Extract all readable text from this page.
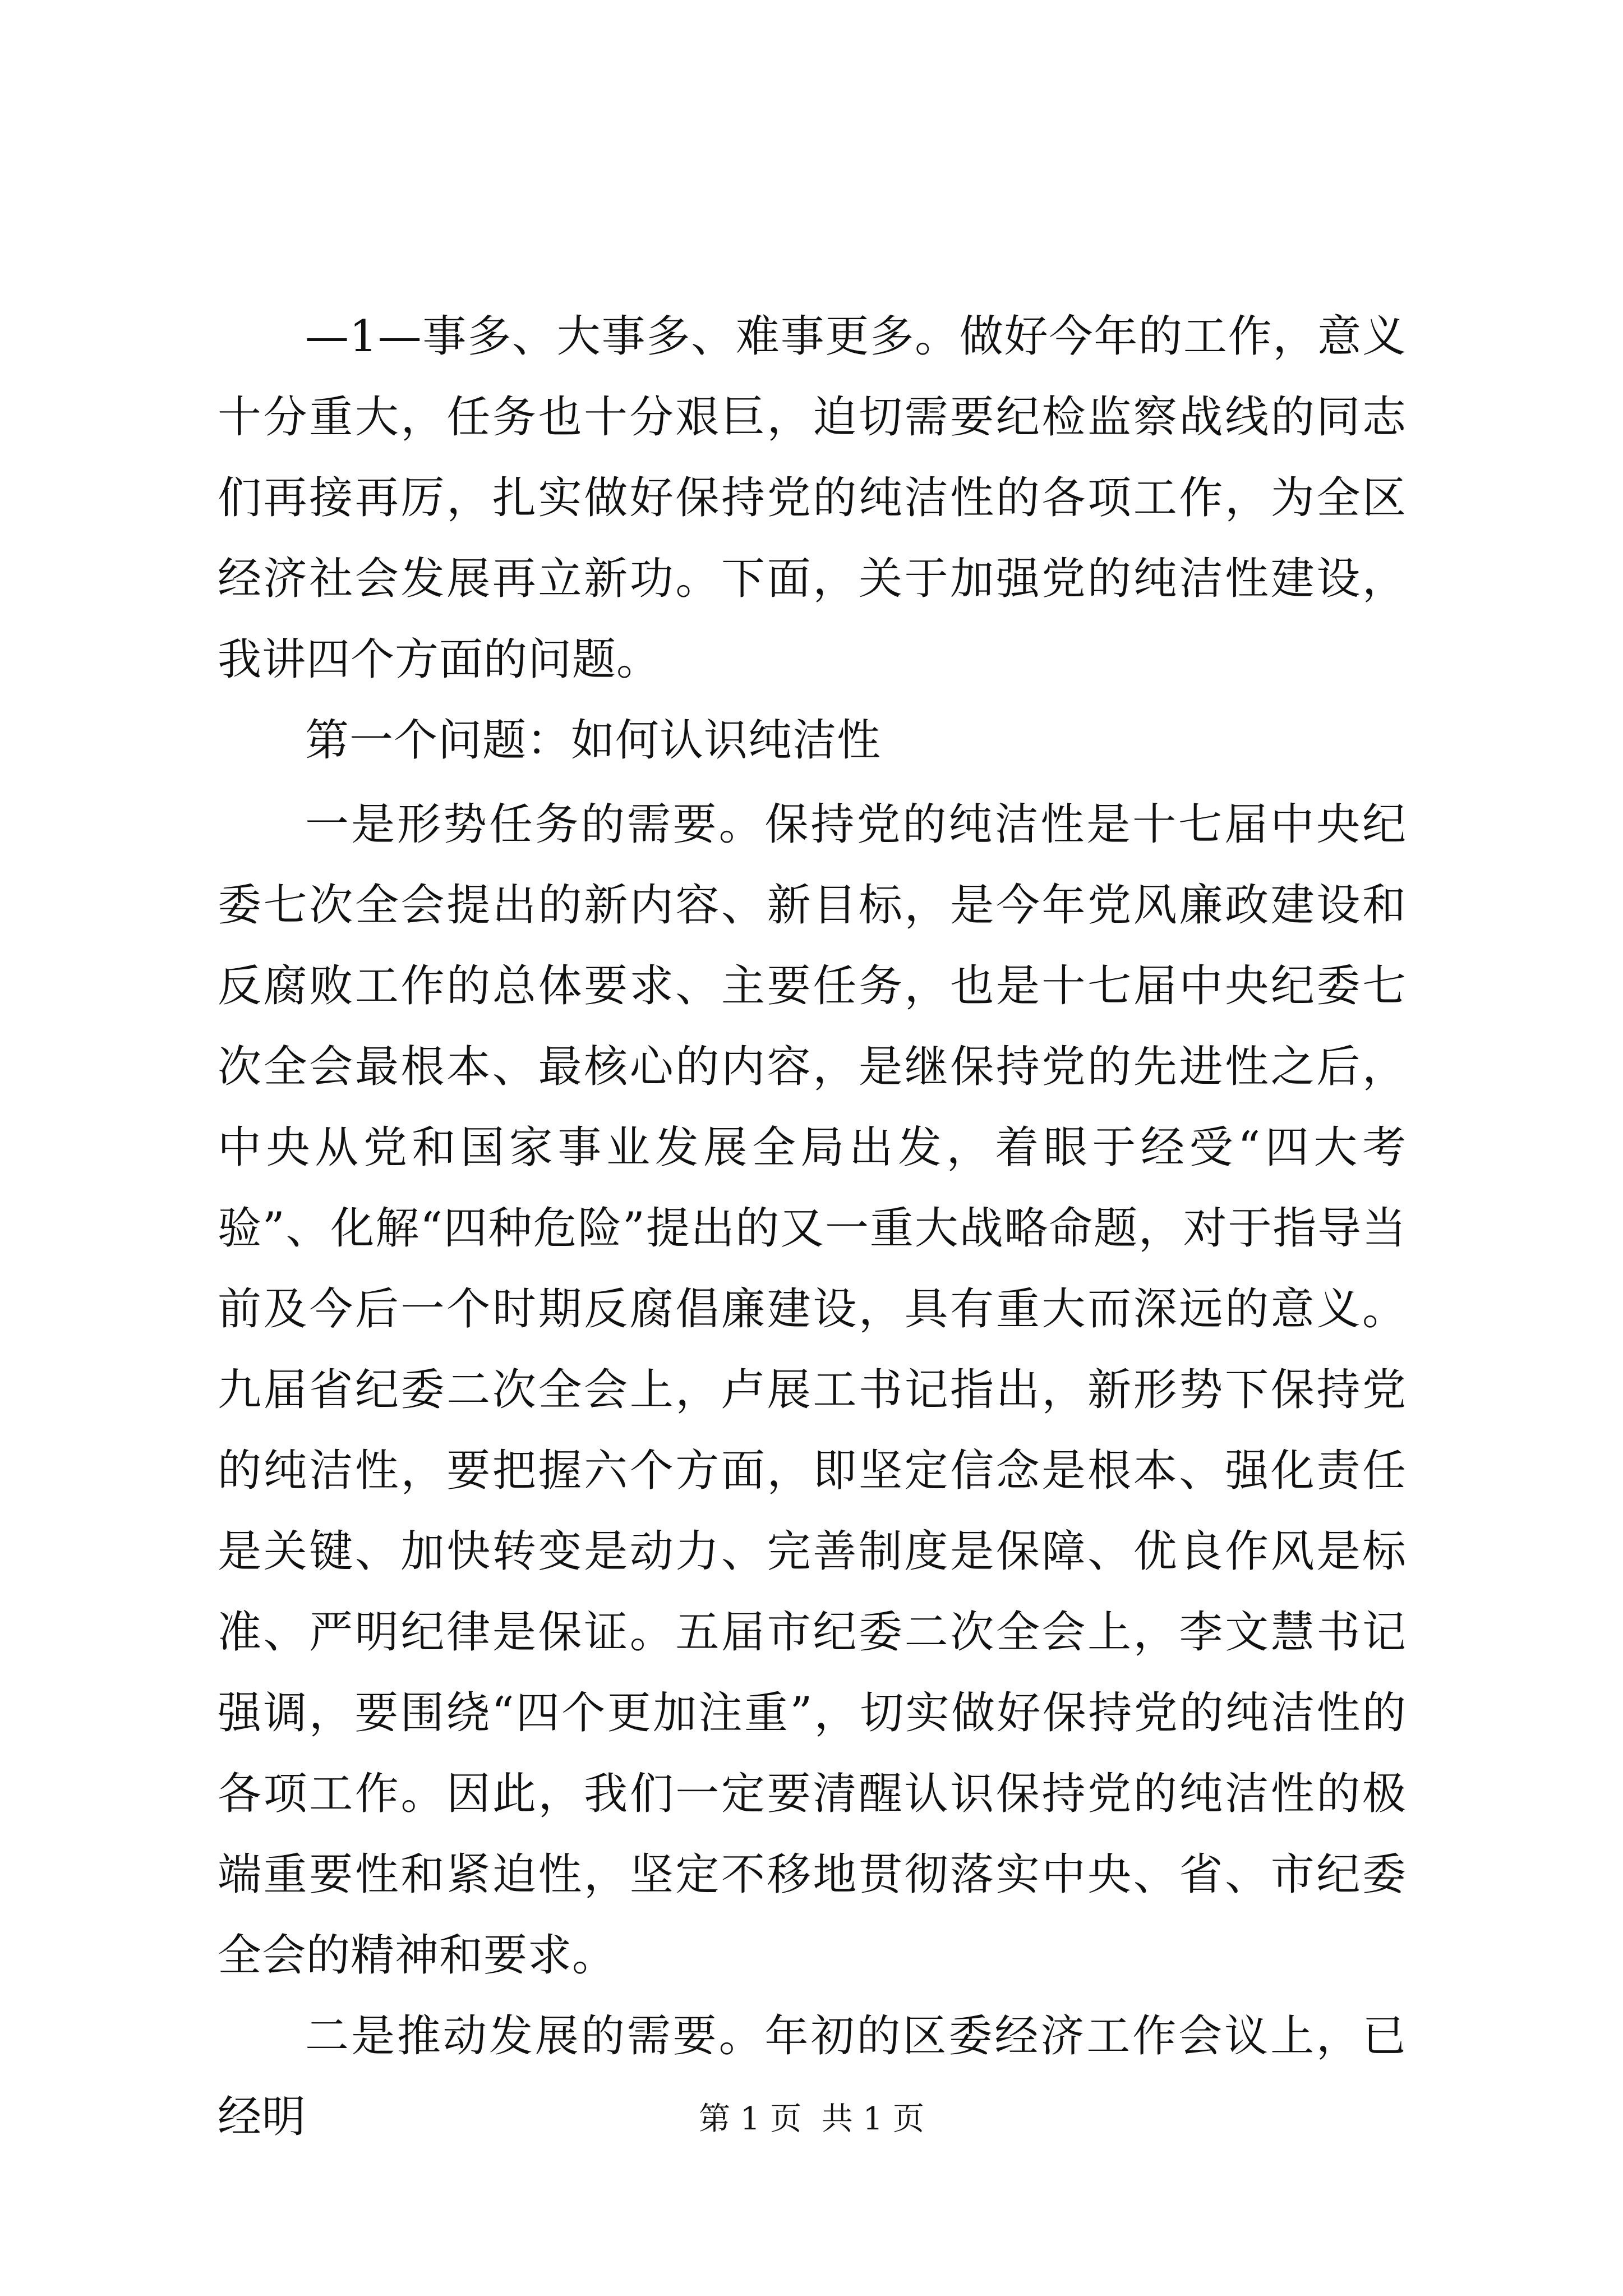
—1—事多、大事多、难事更多。做好今年的工作，意义十分重大，任务也十分艰巨，迫切需要纪检监察战线的同志们再接再厉，扎实做好保持党的纯洁性的各项工作，为全区经济社会发展再立新功。下面，关于加强党的纯洁性建设，我讲四个方面的问题。

第一个问题：如何认识纯洁性

一是形势任务的需要。保持党的纯洁性是十七届中央纪委七次全会提出的新内容、新目标，是今年党风廉政建设和反腐败工作的总体要求、主要任务，也是十七届中央纪委七次全会最根本、最核心的内容，是继保持党的先进性之后，中央从党和国家事业发展全局出发，着眼于经受“四大考验”、化解“四种危险”提出的又一重大战略命题，对于指导当前及今后一个时期反腐倡廉建设，具有重大而深远的意义。九届省纪委二次全会上，卢展工书记指出，新形势下保持党的纯洁性，要把握六个方面，即坚定信念是根本、强化责任是关键、加快转变是动力、完善制度是保障、优良作风是标准、严明纪律是保证。五届市纪委二次全会上，李文慧书记强调，要围绕“四个更加注重”，切实做好保持党的纯洁性的各项工作。因此，我们一定要清醒认识保持党的纯洁性的极端重要性和紧迫性，坚定不移地贯彻落实中央、省、市纪委全会的精神和要求。

二是推动发展的需要。年初的区委经济工作会议上，已经明	第 1 页  共 1 页
